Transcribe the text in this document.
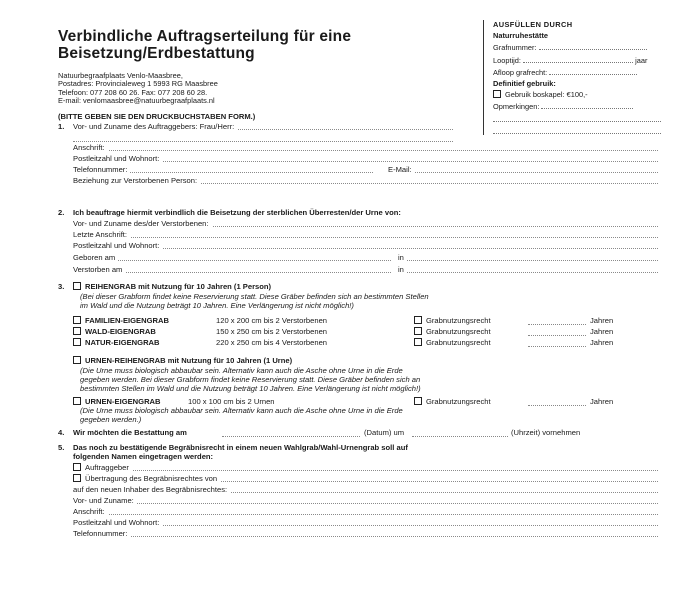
Verbindliche Auftragserteilung für eine
Beisetzung/Erdbestattung
Natuurbegraafplaats Venlo-Maasbree,
Postadres: Provincialeweg 1 5993 RG Maasbree
Telefoon: 077 208 60 26. Fax: 077 208 60 28.
E-mail: venlomaasbree@natuurbegraafplaats.nl
AUSFÜLLEN DURCH
Naturruhestätte
Grafnummer:
Looptijd:	jaar
Afloop grafrecht:
Definitief gebruik:
Gebruik boskapel: €100,-
Opmerkingen:
(BITTE GEBEN SIE DEN DRUCKBUCHSTABEN FORM.)
1. Vor- und Zuname des Auftraggebers: Frau/Herr:
Anschrift:
Postleitzahl und Wohnort:
Telefonnummer:	E-Mail:
Beziehung zur Verstorbenen Person:
2. Ich beauftrage hiermit verbindlich die Beisetzung der sterblichen Überresten/der Urne von:
Vor- und Zuname des/der Verstorbenen:
Letzte Anschrift:
Postleitzahl und Wohnort:
Geboren am	in
Verstorben am	in
3.	REIHENGRAB mit Nutzung für 10 Jahren (1 Person)
(Bei dieser Grabform findet keine Reservierung statt. Diese Gräber befinden sich an bestimmten Stellen
im Wald und die Nutzung beträgt 10 Jahren. Eine Verlängerung ist nicht möglich!)
FAMILIEN-EIGENGRAB	120 x 200 cm bis 2 Verstorbenen	Grabnutzungsrecht	Jahren
WALD-EIGENGRAB	150 x 250 cm bis 2 Verstorbenen	Grabnutzungsrecht	Jahren
NATUR-EIGENGRAB	220 x 250 cm bis 4 Verstorbenen	Grabnutzungsrecht	Jahren
URNEN-REIHENGRAB mit Nutzung für 10 Jahren (1 Urne)
(Die Urne muss biologisch abbaubar sein. Alternativ kann auch die Asche ohne Urne in die Erde
gegeben werden. Bei dieser Grabform findet keine Reservierung statt. Diese Gräber befinden sich an
bestimmten Stellen im Wald und die Nutzung beträgt 10 Jahren. Eine Verlängerung ist nicht möglich!)
URNEN-EIGENGRAB	100 x 100 cm bis 2 Urnen	Grabnutzungsrecht	Jahren
(Die Urne muss biologisch abbaubar sein. Alternativ kann auch die Asche ohne Urne in die Erde
gegeben werden.)
4. Wir möchten die Bestattung am	(Datum) um	(Uhrzeit) vornehmen
5. Das noch zu bestätigende Begräbnisrecht in einem neuen Wahlgrab/Wahl-Urnengrab soll auf
folgenden Namen eingetragen werden:
Auftraggeber
Übertragung des Begräbnisrechtes von
auf den neuen Inhaber des Begräbnisrechtes:
Vor- und Zuname:
Anschrift:
Postleitzahl und Wohnort:
Telefonnummer:
